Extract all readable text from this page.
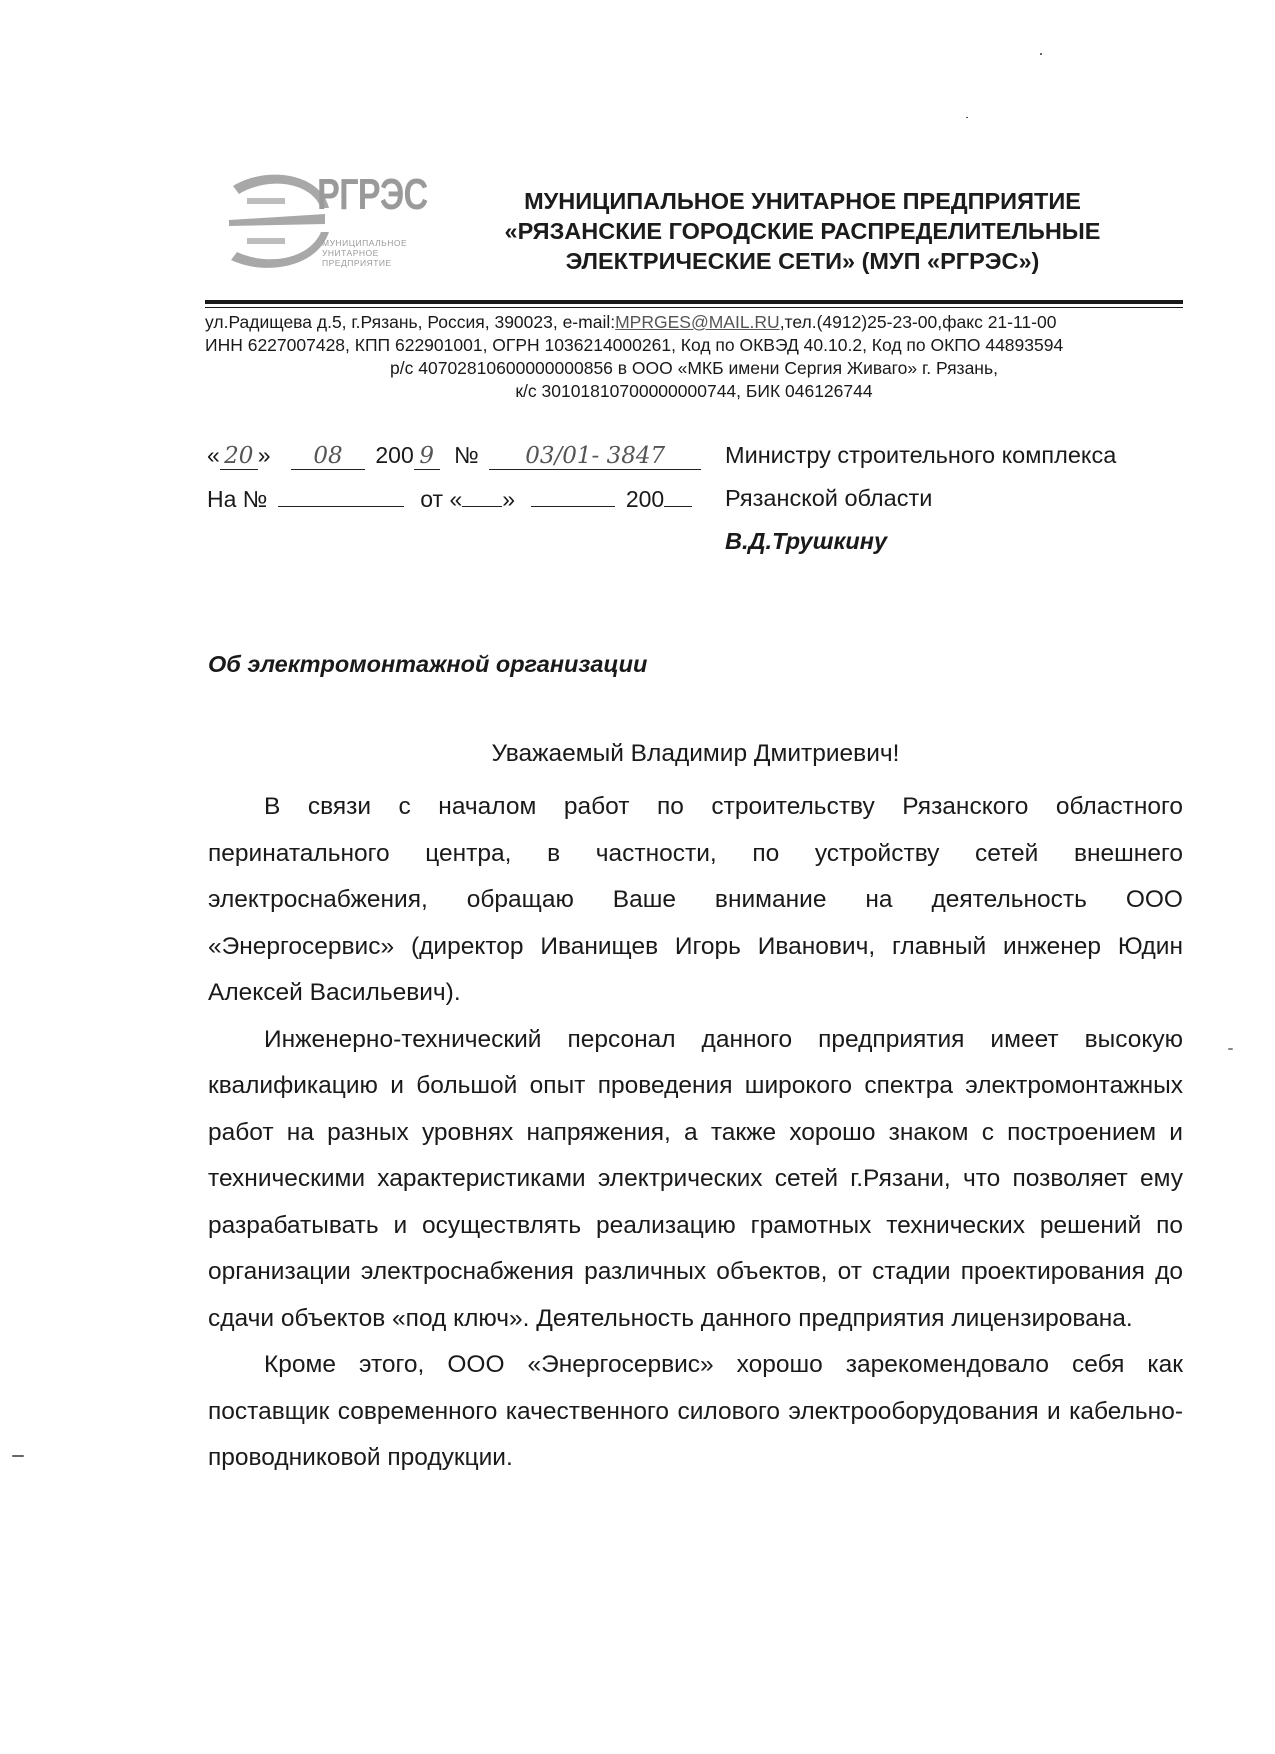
РГРЭС
МУНИЦИПАЛЬНОЕ
УНИТАРНОЕ
ПРЕДПРИЯТИЕ
МУНИЦИПАЛЬНОЕ УНИТАРНОЕ ПРЕДПРИЯТИЕ
«РЯЗАНСКИЕ ГОРОДСКИЕ РАСПРЕДЕЛИТЕЛЬНЫЕ
ЭЛЕКТРИЧЕСКИЕ СЕТИ» (МУП «РГРЭС»)
ул.Радищева д.5, г.Рязань, Россия, 390023, e-mail:MPRGES@MAIL.RU,тел.(4912)25-23-00,факс 21-11-00
ИНН 6227007428, КПП 622901001, ОГРН 1036214000261, Код по ОКВЭД 40.10.2, Код по ОКПО 44893594
р/с 40702810600000000856 в ООО «МКБ имени Сергия Живаго» г. Рязань,
к/с 30101810700000000744, БИК 046126744
« 20 » 08 200 9 № 03/01- 3847
На №	от « »	200
Министру строительного комплекса
Рязанской области
В.Д.Трушкину
Об электромонтажной организации
Уважаемый Владимир Дмитриевич!

В связи с началом работ по строительству Рязанского областного перинатального центра, в частности, по устройству сетей внешнего электроснабжения, обращаю Ваше внимание на деятельность ООО «Энергосервис» (директор Иванищев Игорь Иванович, главный инженер Юдин Алексей Васильевич).

Инженерно-технический персонал данного предприятия имеет высокую квалификацию и большой опыт проведения широкого спектра электромонтажных работ на разных уровнях напряжения, а также хорошо знаком с построением и техническими характеристиками электрических сетей г.Рязани, что позволяет ему разрабатывать и осуществлять реализацию грамотных технических решений по организации электроснабжения различных объектов, от стадии проектирования до сдачи объектов «под ключ». Деятельность данного предприятия лицензирована.

Кроме этого, ООО «Энергосервис» хорошо зарекомендовало себя как поставщик современного качественного силового электрооборудования и кабельно-проводниковой продукции.
